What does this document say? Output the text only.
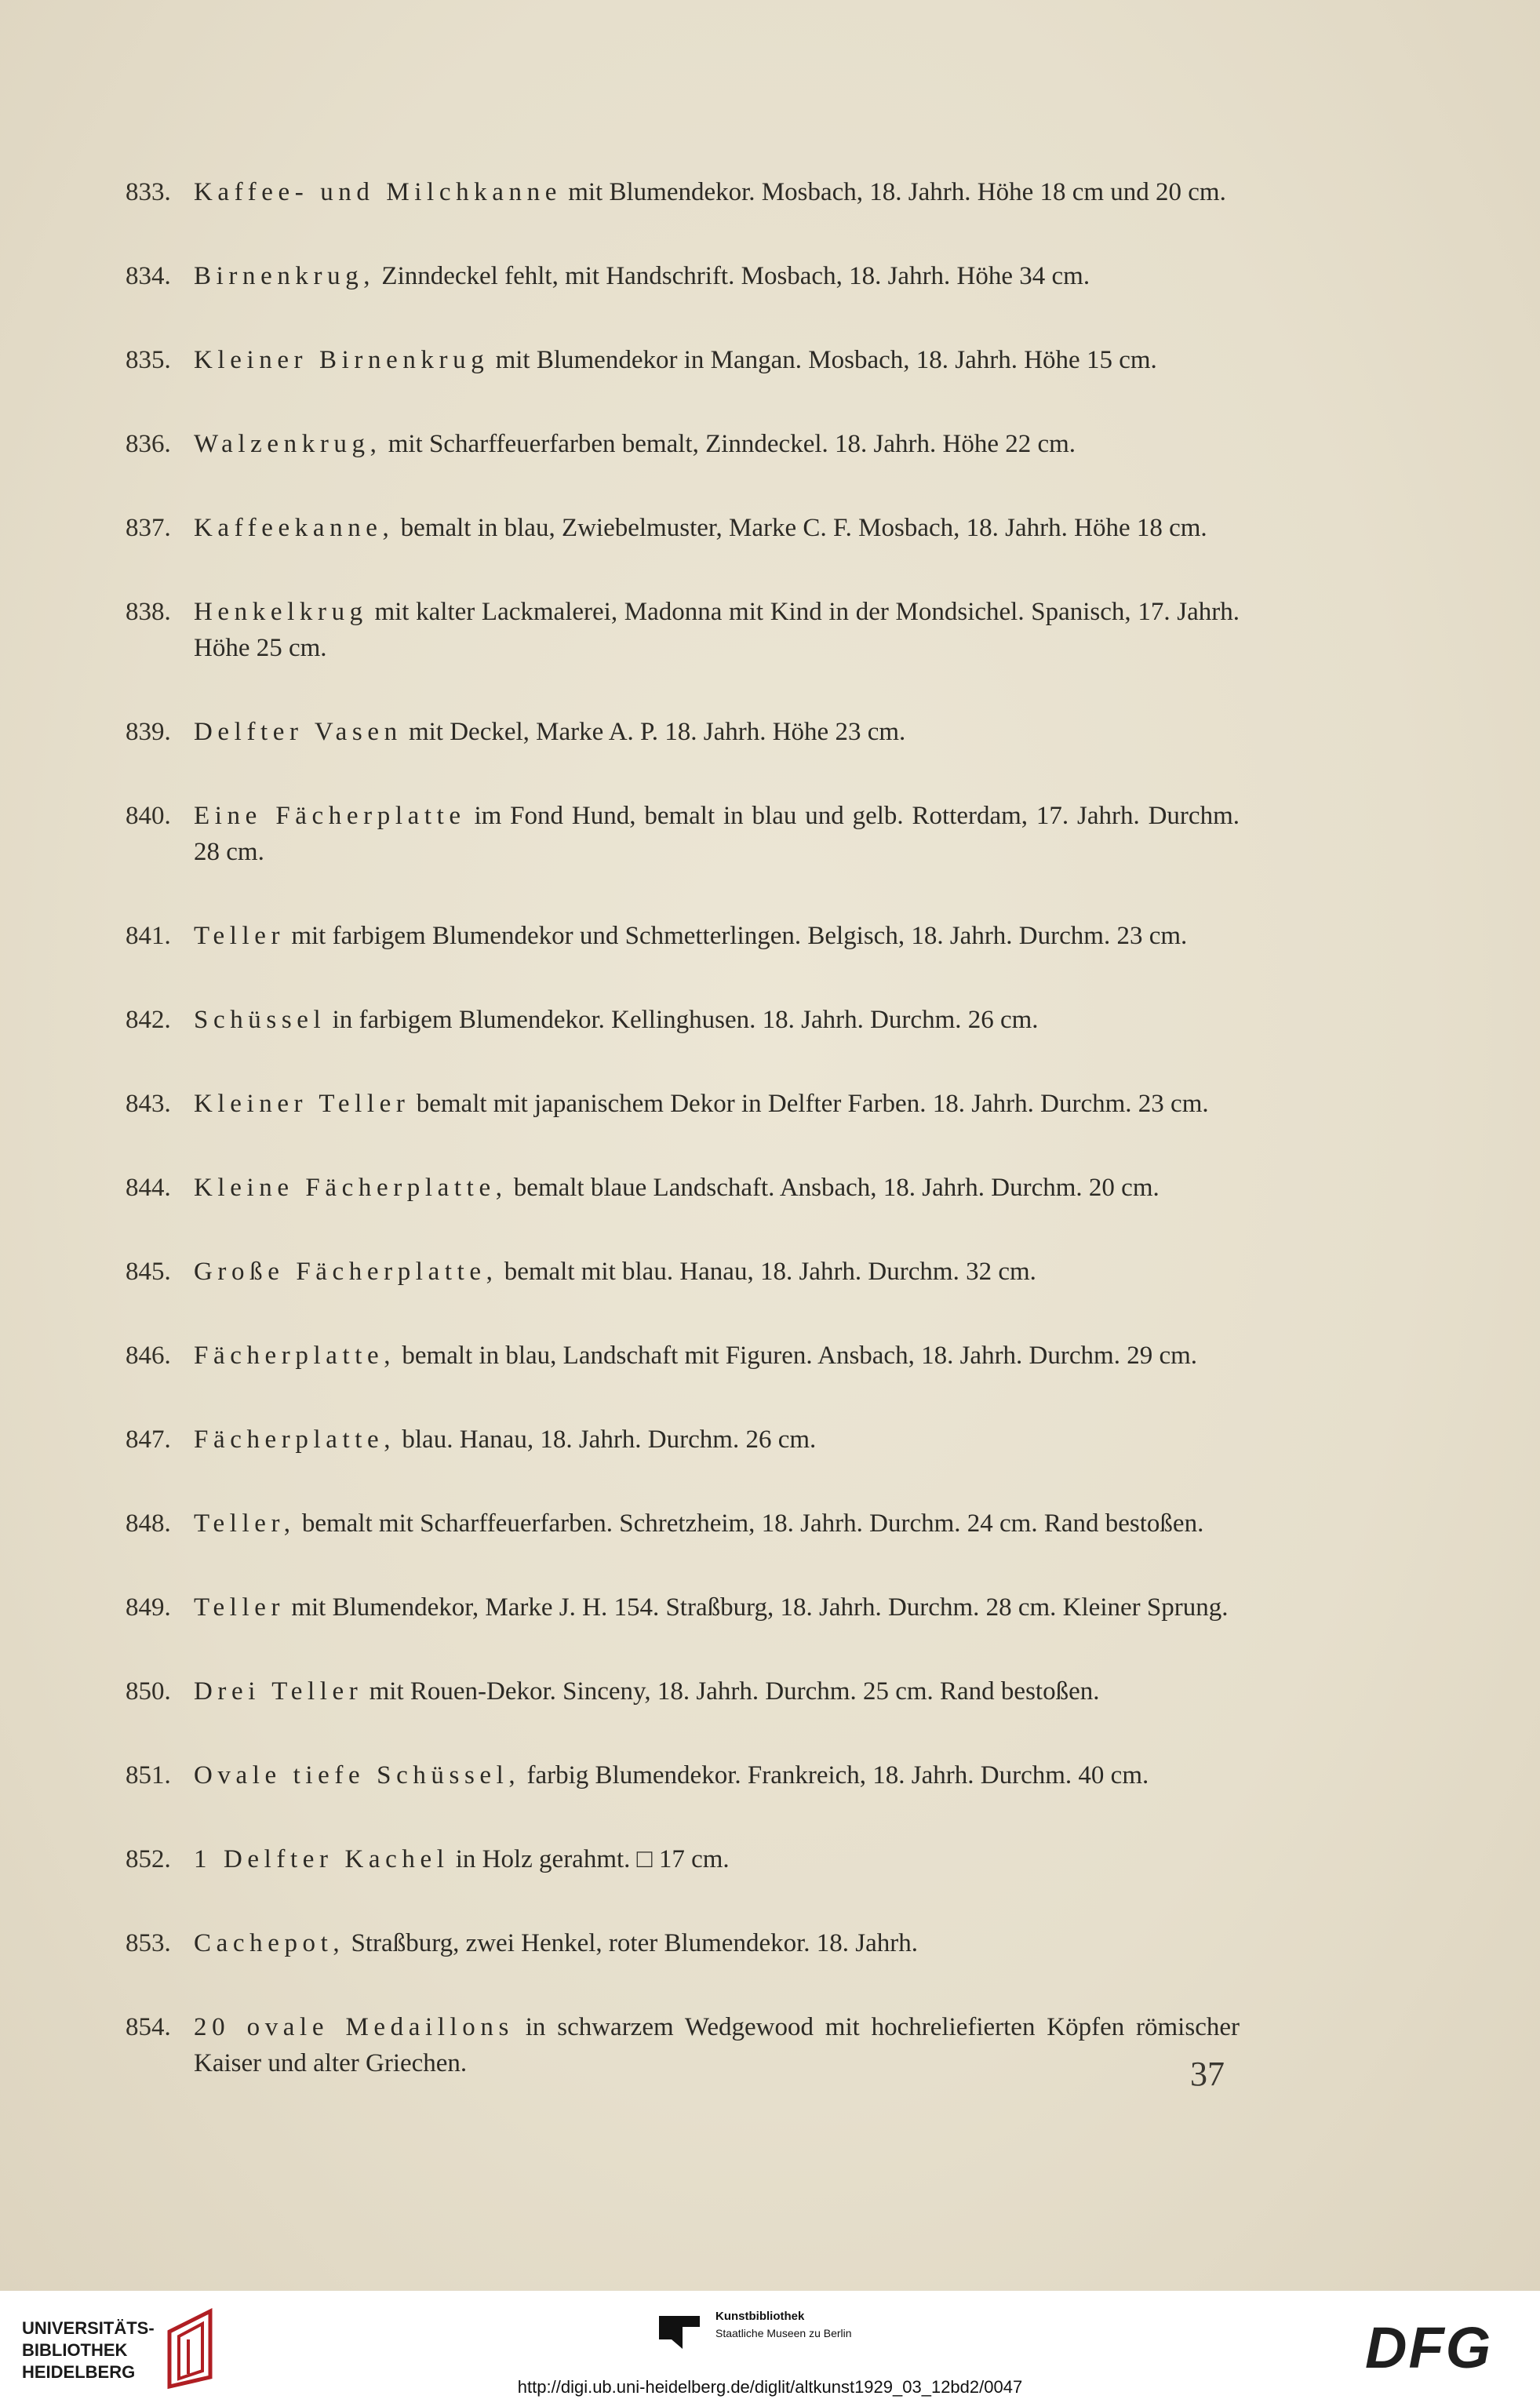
833. Kaffee- und Milchkanne mit Blumendekor. Mosbach, 18. Jahrh. Höhe 18 cm und 20 cm.
834. Birnenkrug, Zinndeckel fehlt, mit Handschrift. Mosbach, 18. Jahrh. Höhe 34 cm.
835. Kleiner Birnenkrug mit Blumendekor in Mangan. Mosbach, 18. Jahrh. Höhe 15 cm.
836. Walzenkrug, mit Scharffeuerfarben bemalt, Zinndeckel. 18. Jahrh. Höhe 22 cm.
837. Kaffeekanne, bemalt in blau, Zwiebelmuster, Marke C. F. Mosbach, 18. Jahrh. Höhe 18 cm.
838. Henkelkrug mit kalter Lackmalerei, Madonna mit Kind in der Mondsichel. Spanisch, 17. Jahrh. Höhe 25 cm.
839. Delfter Vasen mit Deckel, Marke A. P. 18. Jahrh. Höhe 23 cm.
840. Eine Fächerplatte im Fond Hund, bemalt in blau und gelb. Rotterdam, 17. Jahrh. Durchm. 28 cm.
841. Teller mit farbigem Blumendekor und Schmetterlingen. Belgisch, 18. Jahrh. Durchm. 23 cm.
842. Schüssel in farbigem Blumendekor. Kellinghusen. 18. Jahrh. Durchm. 26 cm.
843. Kleiner Teller bemalt mit japanischem Dekor in Delfter Farben. 18. Jahrh. Durchm. 23 cm.
844. Kleine Fächerplatte, bemalt blaue Landschaft. Ansbach, 18. Jahrh. Durchm. 20 cm.
845. Große Fächerplatte, bemalt mit blau. Hanau, 18. Jahrh. Durchm. 32 cm.
846. Fächerplatte, bemalt in blau, Landschaft mit Figuren. Ansbach, 18. Jahrh. Durchm. 29 cm.
847. Fächerplatte, blau. Hanau, 18. Jahrh. Durchm. 26 cm.
848. Teller, bemalt mit Scharffeuerfarben. Schretzheim, 18. Jahrh. Durchm. 24 cm. Rand bestoßen.
849. Teller mit Blumendekor, Marke J. H. 154. Straßburg, 18. Jahrh. Durchm. 28 cm. Kleiner Sprung.
850. Drei Teller mit Rouen-Dekor. Sinceny, 18. Jahrh. Durchm. 25 cm. Rand bestoßen.
851. Ovale tiefe Schüssel, farbig Blumendekor. Frankreich, 18. Jahrh. Durchm. 40 cm.
852. 1 Delfter Kachel in Holz gerahmt. □ 17 cm.
853. Cachepot, Straßburg, zwei Henkel, roter Blumendekor. 18. Jahrh.
854. 20 ovale Medaillons in schwarzem Wedgewood mit hochreliefierten Köpfen römischer Kaiser und alter Griechen.	37
UNIVERSITÄTS-
BIBLIOTHEK
HEIDELBERG
Kunstbibliothek
Staatliche Museen zu Berlin	DFG
http://digi.ub.uni-heidelberg.de/diglit/altkunst1929_03_12bd2/0047
